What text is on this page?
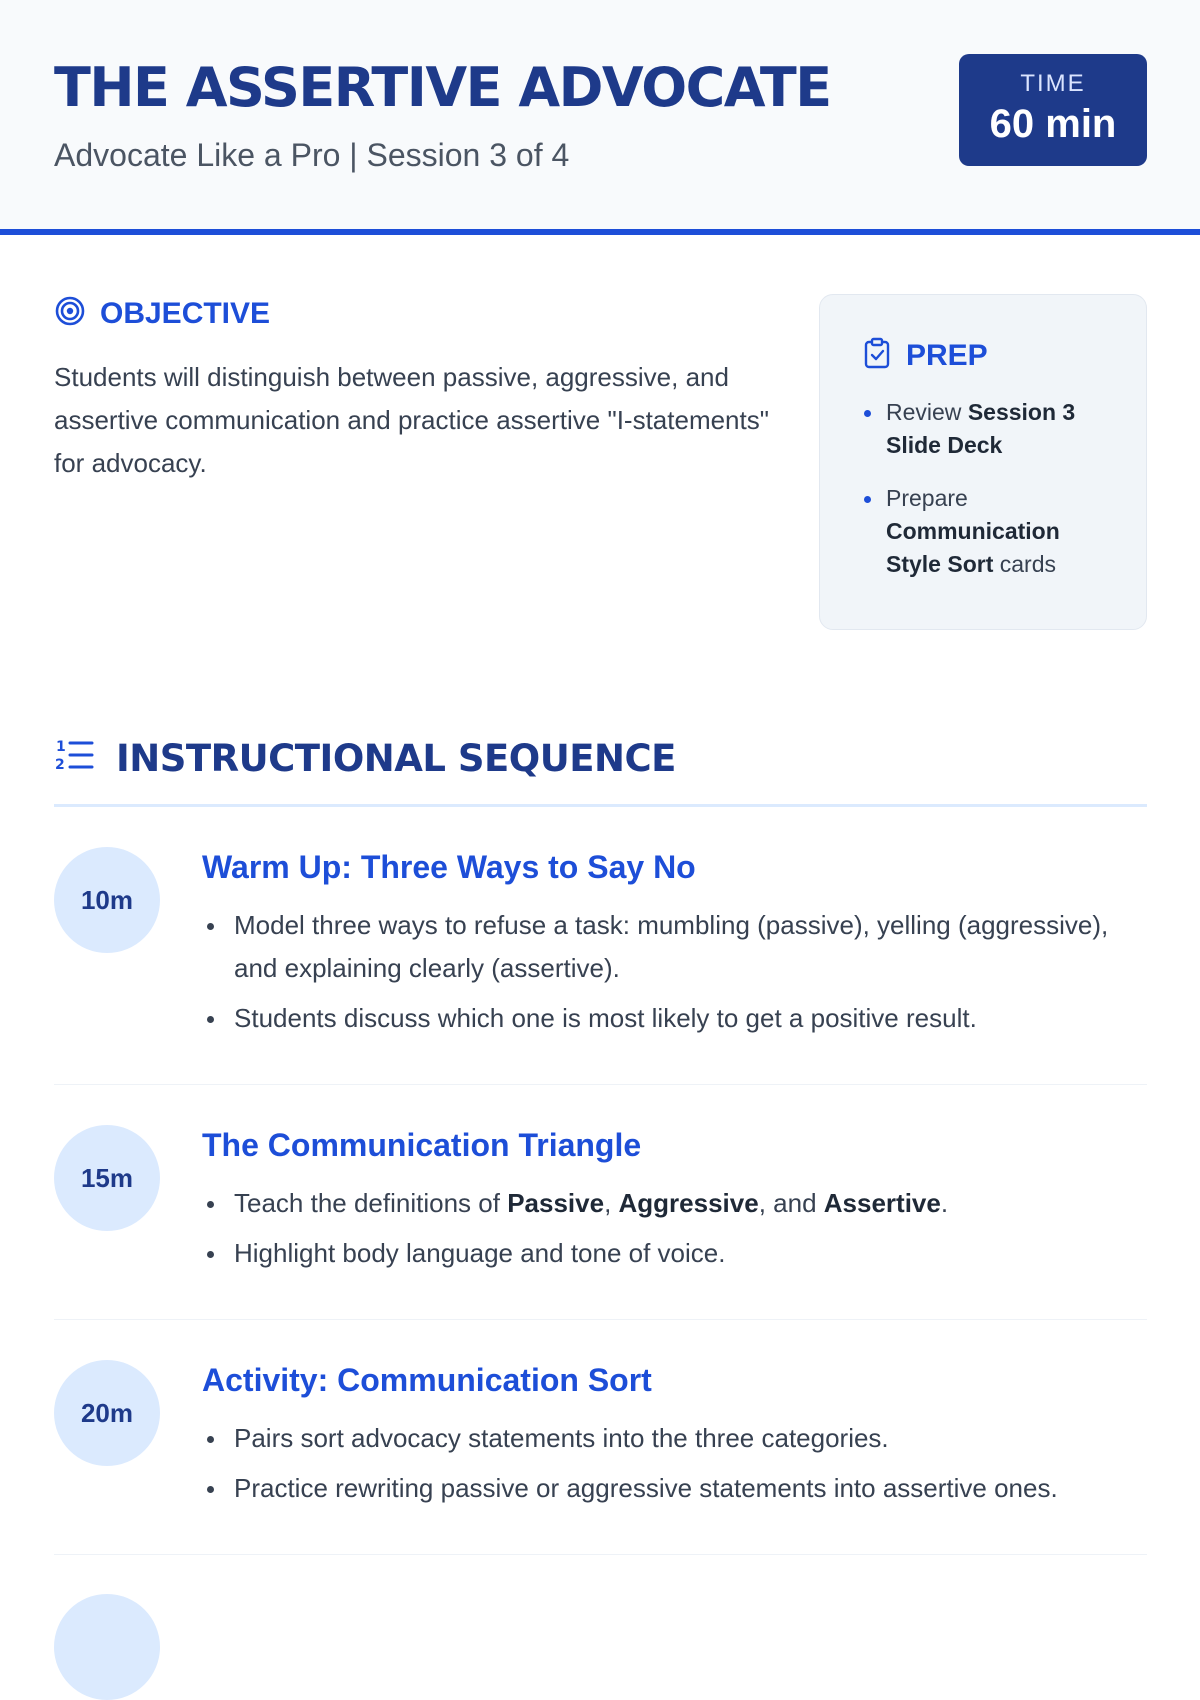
THE ASSERTIVE ADVOCATE
Advocate Like a Pro | Session 3 of 4
TIME
60 min
OBJECTIVE
Students will distinguish between passive, aggressive, and assertive communication and practice assertive "I-statements" for advocacy.
PREP
Review Session 3 Slide Deck
Prepare Communication Style Sort cards
1
2 INSTRUCTIONAL SEQUENCE
10m
Warm Up: Three Ways to Say No
Model three ways to refuse a task: mumbling (passive), yelling (aggressive), and explaining clearly (assertive).
Students discuss which one is most likely to get a positive result.
15m
The Communication Triangle
Teach the definitions of Passive, Aggressive, and Assertive.
Highlight body language and tone of voice.
20m
Activity: Communication Sort
Pairs sort advocacy statements into the three categories.
Practice rewriting passive or aggressive statements into assertive ones.
